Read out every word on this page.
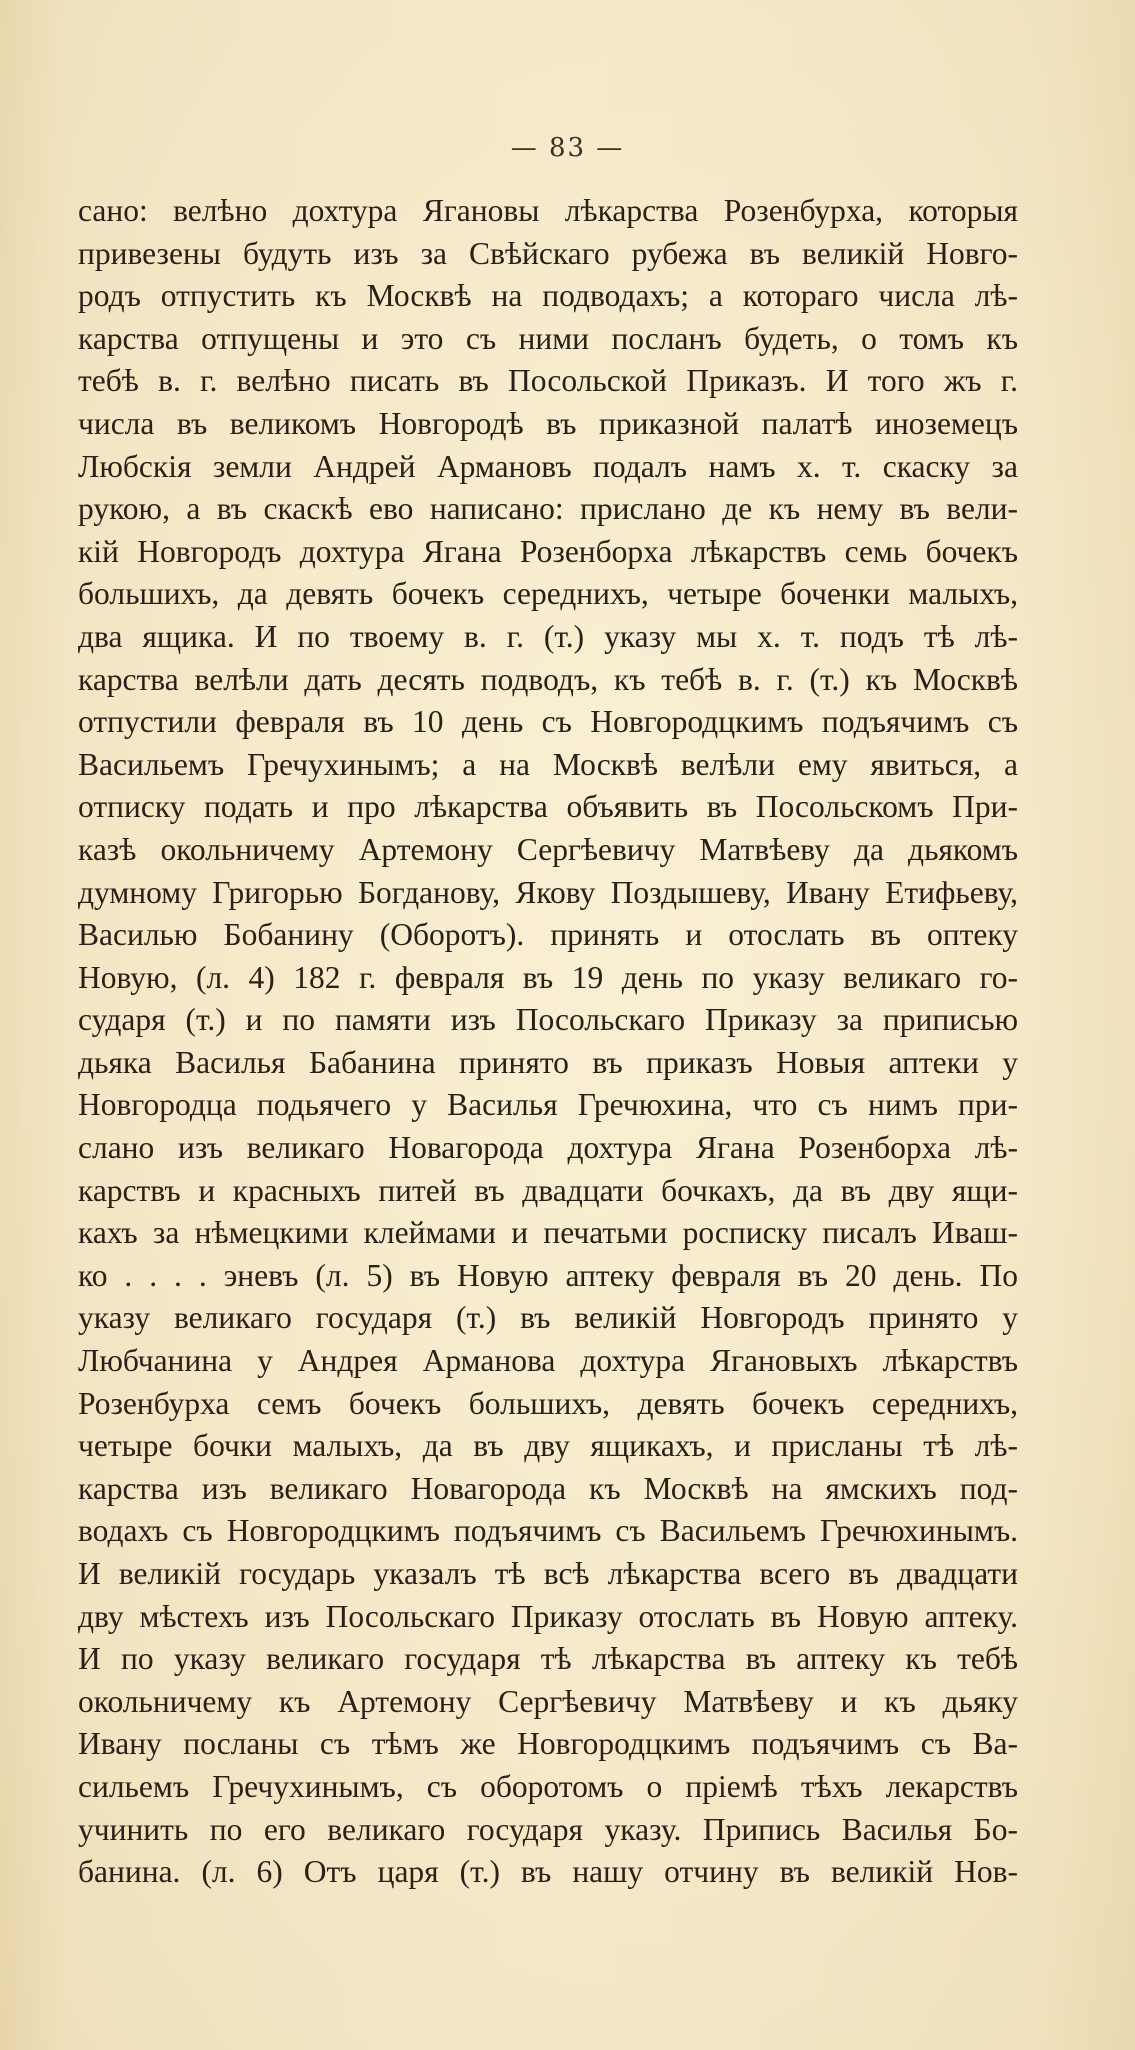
— 83 —
сано: велѣно дохтура Ягановы лѣкарства Розенбурха, которыя
привезены будуть изъ за Свѣйскаго рубежа въ великій Новго-
родъ отпустить къ Москвѣ на подводахъ; а котораго числа лѣ-
карства отпущены и это съ ними посланъ будеть, о томъ къ
тебѣ в. г. велѣно писать въ Посольской Приказъ. И того жъ г.
числа въ великомъ Новгородѣ въ приказной палатѣ иноземецъ
Любскія земли Андрей Армановъ подалъ намъ х. т. скаску за
рукою, а въ скаскѣ ево написано: прислано де къ нему въ вели-
кій Новгородъ дохтура Ягана Розенборха лѣкарствъ семь бочекъ
большихъ, да девять бочекъ середнихъ, четыре боченки малыхъ,
два ящика. И по твоему в. г. (т.) указу мы х. т. подъ тѣ лѣ-
карства велѣли дать десять подводъ, къ тебѣ в. г. (т.) къ Москвѣ
отпустили февраля въ 10 день съ Новгородцкимъ подъячимъ съ
Васильемъ Гречухинымъ; а на Москвѣ велѣли ему явиться, а
отписку подать и про лѣкарства объявить въ Посольскомъ При-
казѣ окольничему Артемону Сергѣевичу Матвѣеву да дьякомъ
думному Григорью Богданову, Якову Поздышеву, Ивану Етифьеву,
Василью Бобанину (Оборотъ). принять и отослать въ оптеку
Новую, (л. 4) 182 г. февраля въ 19 день по указу великаго го-
сударя (т.) и по памяти изъ Посольскаго Приказу за приписью
дьяка Василья Бабанина принято въ приказъ Новыя аптеки у
Новгородца подьячего у Василья Гречюхина, что съ нимъ при-
слано изъ великаго Новагорода дохтура Ягана Розенборха лѣ-
карствъ и красныхъ питей въ двадцати бочкахъ, да въ дву ящи-
кахъ за нѣмецкими клеймами и печатьми росписку писалъ Иваш-
ко . . . . эневъ (л. 5) въ Новую аптеку февраля въ 20 день. По
указу великаго государя (т.) въ великій Новгородъ принято у
Любчанина у Андрея Арманова дохтура Ягановыхъ лѣкарствъ
Розенбурха семъ бочекъ большихъ, девять бочекъ середнихъ,
четыре бочки малыхъ, да въ дву ящикахъ, и присланы тѣ лѣ-
карства изъ великаго Новагорода къ Москвѣ на ямскихъ под-
водахъ съ Новгородцкимъ подъячимъ съ Васильемъ Гречюхинымъ.
И великій государь указалъ тѣ всѣ лѣкарства всего въ двадцати
дву мѣстехъ изъ Посольскаго Приказу отослать въ Новую аптеку.
И по указу великаго государя тѣ лѣкарства въ аптеку къ тебѣ
окольничему къ Артемону Сергѣевичу Матвѣеву и къ дьяку
Ивану посланы съ тѣмъ же Новгородцкимъ подъячимъ съ Ва-
сильемъ Гречухинымъ, съ оборотомъ о пріемѣ тѣхъ лекарствъ
учинить по его великаго государя указу. Припись Василья Бо-
банина. (л. 6) Отъ царя (т.) въ нашу отчину въ великій Нов-
